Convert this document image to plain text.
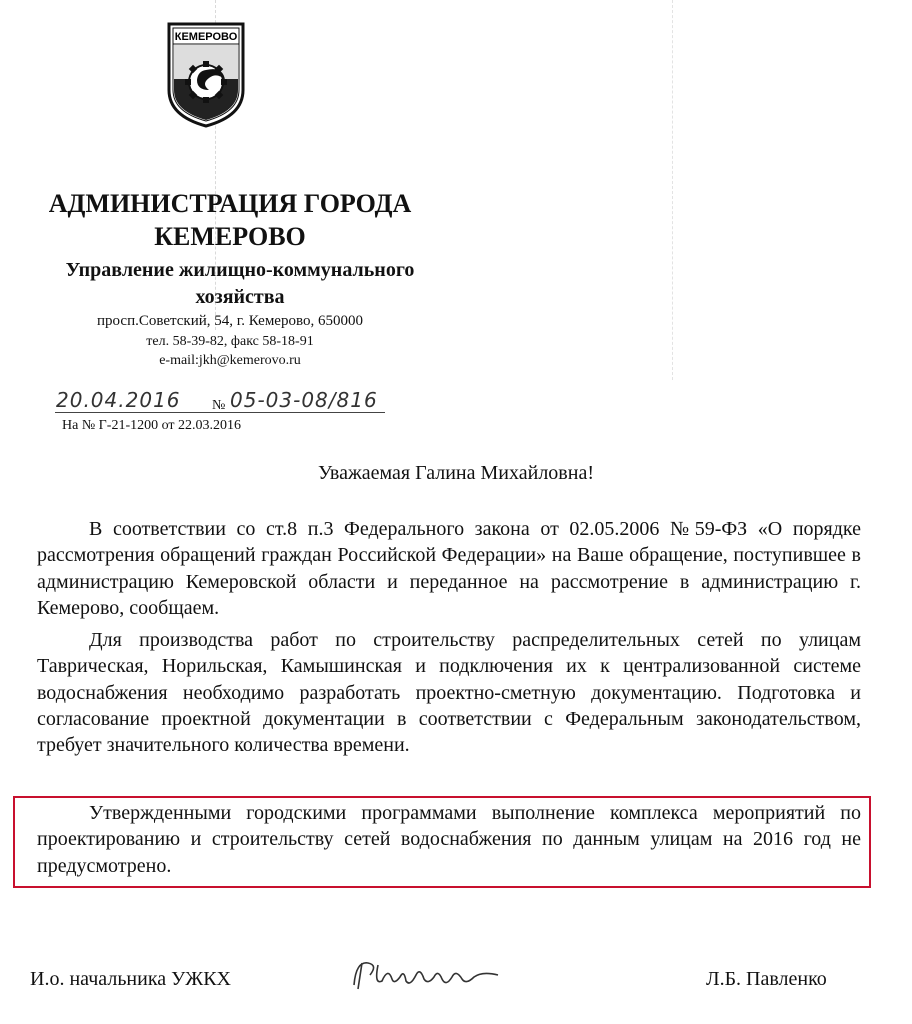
КЕМЕРОВО
АДМИНИСТРАЦИЯ ГОРОДА
КЕМЕРОВО
Управление жилищно-коммунального
хозяйства
просп.Советский, 54, г. Кемерово, 650000
тел. 58-39-82, факс 58-18-91
e-mail:jkh@kemerovo.ru
20.04.2016 № 05-03-08/816
На № Г-21-1200 от 22.03.2016
Уважаемая Галина Михайловна!

В соответствии со ст.8 п.3 Федерального закона от 02.05.2006 №59-ФЗ «О порядке рассмотрения обращений граждан Российской Федерации» на Ваше обращение, поступившее в администрацию Кемеровской области и переданное на рассмотрение в администрацию г. Кемерово, сообщаем.

Для производства работ по строительству распределительных сетей по улицам Таврическая, Норильская, Камышинская и подключения их к централизованной системе водоснабжения необходимо разработать проектно-сметную документацию. Подготовка и согласование проектной документации в соответствии с Федеральным законодательством, требует значительного количества времени.

Утвержденными городскими программами выполнение комплекса мероприятий по проектированию и строительству сетей водоснабжения по данным улицам на 2016 год не предусмотрено.

И.о. начальника УЖКХ	Л.Б. Павленко
